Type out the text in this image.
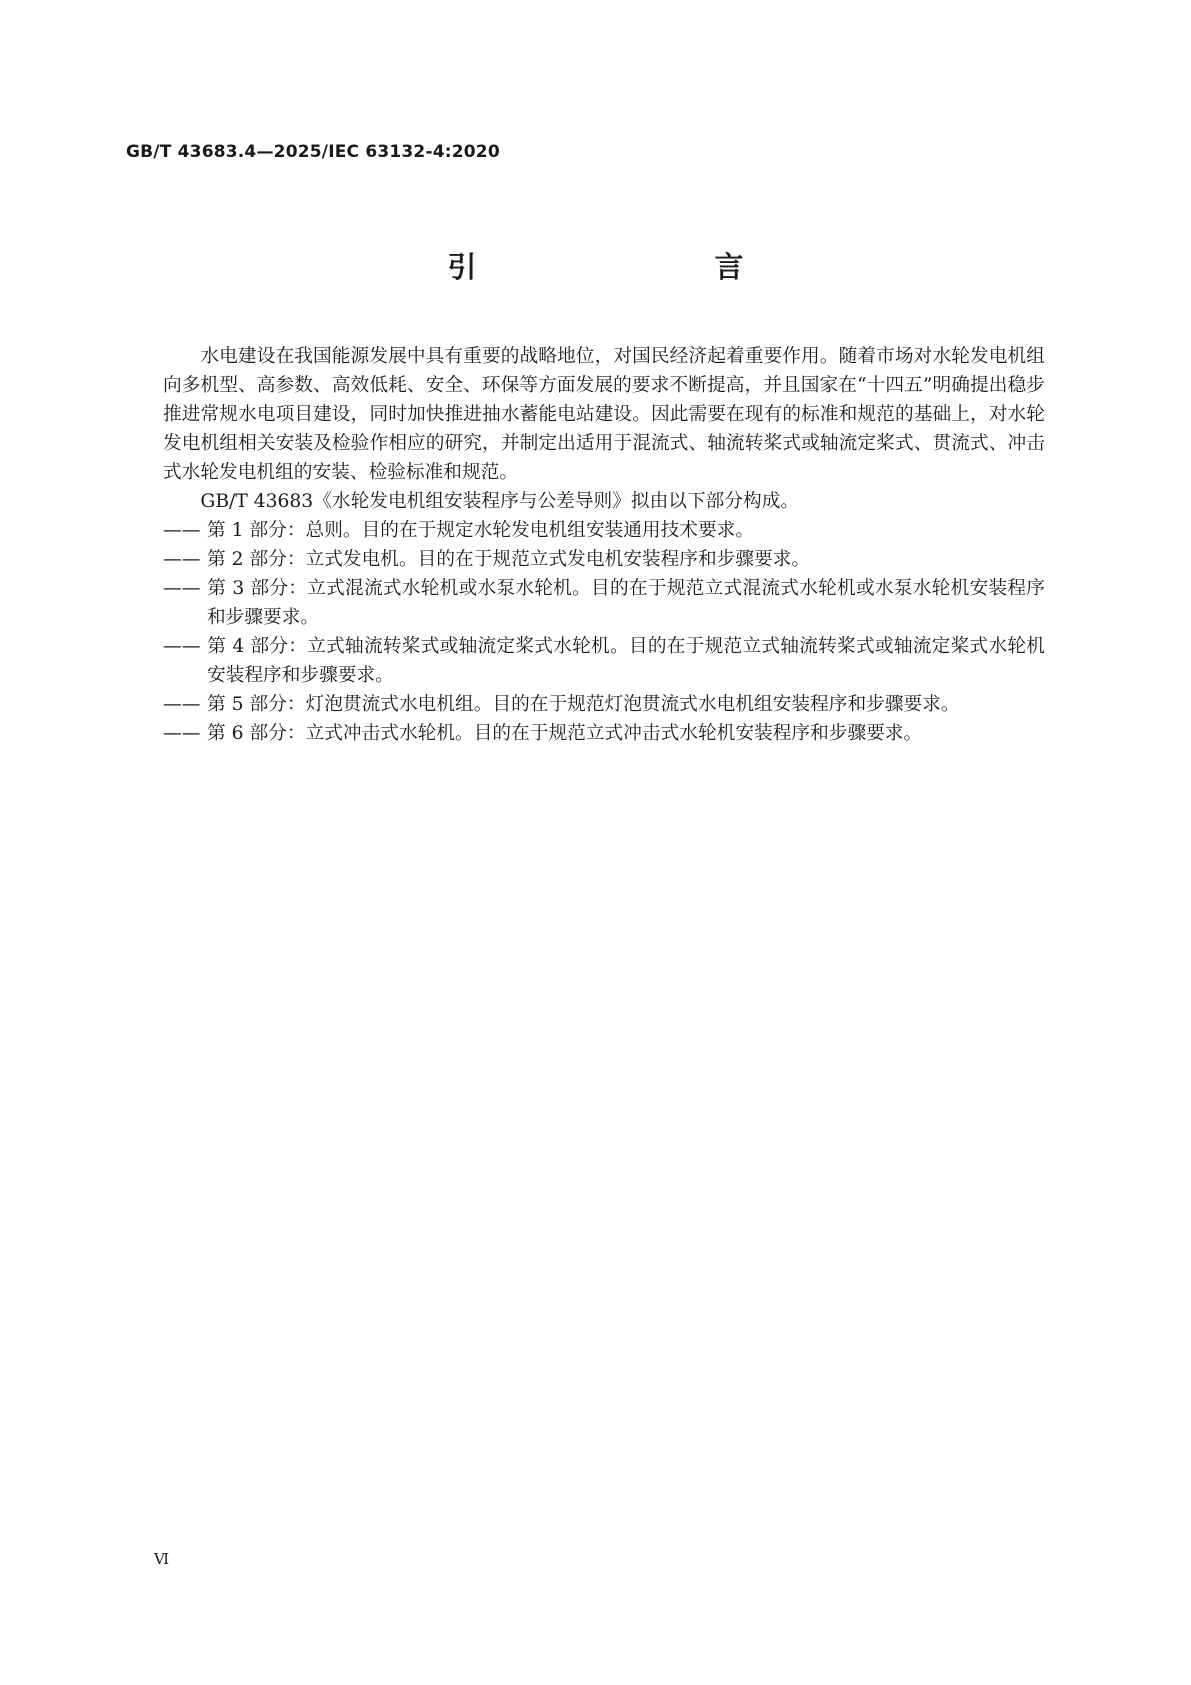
GB/T 43683.4—2025/IEC 63132-4:2020
引　　言

水电建设在我国能源发展中具有重要的战略地位，对国民经济起着重要作用。随着市场对水轮发电机组向多机型、高参数、高效低耗、安全、环保等方面发展的要求不断提高，并且国家在“十四五”明确提出稳步推进常规水电项目建设，同时加快推进抽水蓄能电站建设。因此需要在现有的标准和规范的基础上，对水轮发电机组相关安装及检验作相应的研究，并制定出适用于混流式、轴流转桨式或轴流定桨式、贯流式、冲击式水轮发电机组的安装、检验标准和规范。

GB/T 43683《水轮发电机组安装程序与公差导则》拟由以下部分构成。

—— 第 1 部分：总则。目的在于规定水轮发电机组安装通用技术要求。

—— 第 2 部分：立式发电机。目的在于规范立式发电机安装程序和步骤要求。

—— 第 3 部分：立式混流式水轮机或水泵水轮机。目的在于规范立式混流式水轮机或水泵水轮机安装程序和步骤要求。

—— 第 4 部分：立式轴流转桨式或轴流定桨式水轮机。目的在于规范立式轴流转桨式或轴流定桨式水轮机安装程序和步骤要求。

—— 第 5 部分：灯泡贯流式水电机组。目的在于规范灯泡贯流式水电机组安装程序和步骤要求。

—— 第 6 部分：立式冲击式水轮机。目的在于规范立式冲击式水轮机安装程序和步骤要求。

Ⅵ
